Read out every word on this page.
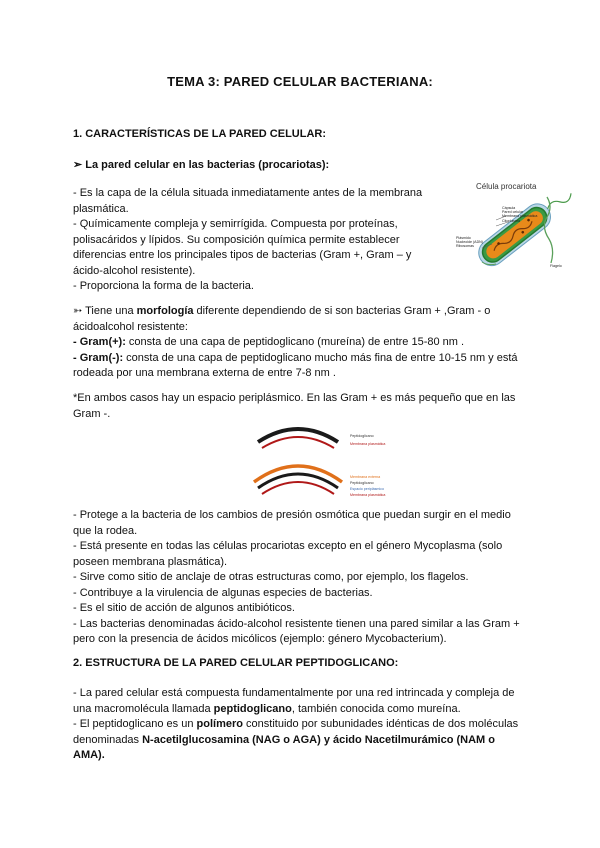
TEMA 3: PARED CELULAR BACTERIANA:
1. CARACTERÍSTICAS DE LA PARED CELULAR:
➢ La pared celular en las bacterias (procariotas):
- Es la capa de la célula situada inmediatamente antes de la membrana
plasmática.
- Químicamente compleja y semirrígida. Compuesta por proteínas,
polisacáridos y lípidos. Su composición química permite establecer
diferencias entre los principales tipos de bacterias (Gram +, Gram – y
ácido-alcohol resistente).
- Proporciona la forma de la bacteria.
Célula procariota
Cápsula
Pared celular
Membrana plasmática
Citoplasma
Plásmido
Nucleoide (ADN)
Ribosomas
Flagelo
➳ Tiene una morfología diferente dependiendo de si son bacterias Gram + ,Gram - o
ácidoalcohol resistente:
- Gram(+): consta de una capa de peptidoglicano (mureína) de entre 15-80 nm .
- Gram(-): consta de una capa de peptidoglicano mucho más fina de entre 10-15 nm y está
rodeada por una membrana externa de entre 7-8 nm .
*En ambos casos hay un espacio periplásmico. En las Gram + es más pequeño que en las
Gram -.
Peptidoglicano
Membrana plasmática
Membrana externa
Peptidoglicano
Espacio periplásmico
Membrana plasmática
- Protege a la bacteria de los cambios de presión osmótica que puedan surgir en el medio
que la rodea.
- Está presente en todas las células procariotas excepto en el género Mycoplasma (solo
poseen membrana plasmática).
- Sirve como sitio de anclaje de otras estructuras como, por ejemplo, los flagelos.
- Contribuye a la virulencia de algunas especies de bacterias.
- Es el sitio de acción de algunos antibióticos.
- Las bacterias denominadas ácido-alcohol resistente tienen una pared similar a las Gram +
pero con la presencia de ácidos micólicos (ejemplo: género Mycobacterium).
2. ESTRUCTURA DE LA PARED CELULAR PEPTIDOGLICANO:
- La pared celular está compuesta fundamentalmente por una red intrincada y compleja de
una macromolécula llamada peptidoglicano, también conocida como mureína.
- El peptidoglicano es un polímero constituido por subunidades idénticas de dos moléculas
denominadas N-acetilglucosamina (NAG o AGA) y ácido Nacetilmurámico (NAM o
AMA).
